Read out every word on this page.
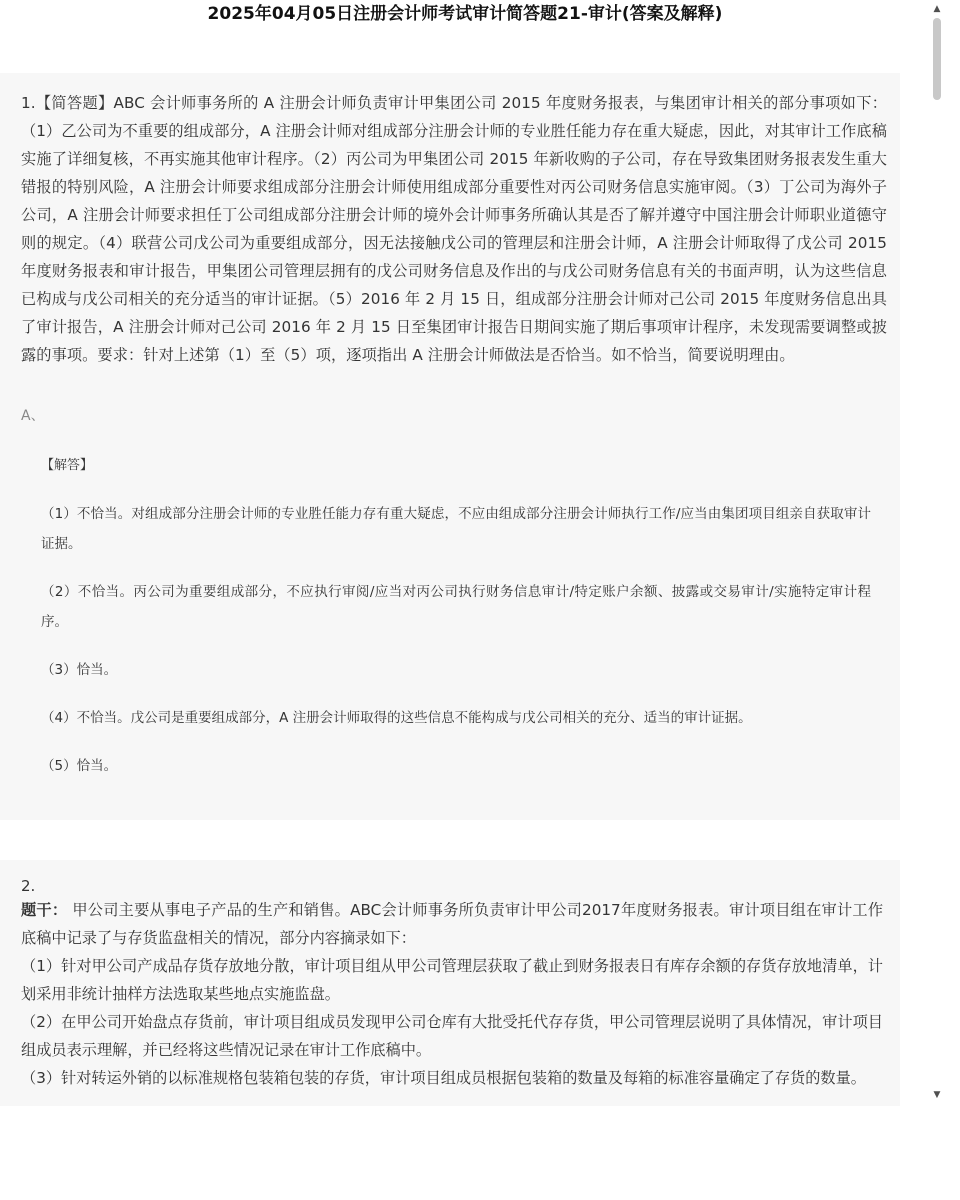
2025年04月05日注册会计师考试审计简答题21-审计(答案及解释)
1.【简答题】ABC 会计师事务所的 A 注册会计师负责审计甲集团公司 2015 年度财务报表，与集团审计相关的部分事项如下：（1）乙公司为不重要的组成部分，A 注册会计师对组成部分注册会计师的专业胜任能力存在重大疑虑，因此，对其审计工作底稿实施了详细复核，不再实施其他审计程序。（2）丙公司为甲集团公司 2015 年新收购的子公司，存在导致集团财务报表发生重大错报的特别风险，A 注册会计师要求组成部分注册会计师使用组成部分重要性对丙公司财务信息实施审阅。（3）丁公司为海外子公司，A 注册会计师要求担任丁公司组成部分注册会计师的境外会计师事务所确认其是否了解并遵守中国注册会计师职业道德守则的规定。（4）联营公司戊公司为重要组成部分，因无法接触戊公司的管理层和注册会计师，A 注册会计师取得了戊公司 2015 年度财务报表和审计报告，甲集团公司管理层拥有的戊公司财务信息及作出的与戊公司财务信息有关的书面声明，认为这些信息已构成与戊公司相关的充分适当的审计证据。（5）2016 年 2 月 15 日，组成部分注册会计师对己公司 2015 年度财务信息出具了审计报告，A 注册会计师对己公司 2016 年 2 月 15 日至集团审计报告日期间实施了期后事项审计程序，未发现需要调整或披露的事项。要求：针对上述第（1）至（5）项，逐项指出 A 注册会计师做法是否恰当。如不恰当，简要说明理由。
A、
【解答】
（1）不恰当。对组成部分注册会计师的专业胜任能力存有重大疑虑，不应由组成部分注册会计师执行工作/应当由集团项目组亲自获取审计证据。
（2）不恰当。丙公司为重要组成部分，不应执行审阅/应当对丙公司执行财务信息审计/特定账户余额、披露或交易审计/实施特定审计程序。
（3）恰当。
（4）不恰当。戊公司是重要组成部分，A 注册会计师取得的这些信息不能构成与戊公司相关的充分、适当的审计证据。
（5）恰当。
2.

题干： 甲公司主要从事电子产品的生产和销售。ABC会计师事务所负责审计甲公司2017年度财务报表。审计项目组在审计工作底稿中记录了与存货监盘相关的情况，部分内容摘录如下：

（1）针对甲公司产成品存货存放地分散，审计项目组从甲公司管理层获取了截止到财务报表日有库存余额的存货存放地清单，计划采用非统计抽样方法选取某些地点实施监盘。

（2）在甲公司开始盘点存货前，审计项目组成员发现甲公司仓库有大批受托代存存货，甲公司管理层说明了具体情况，审计项目组成员表示理解，并已经将这些情况记录在审计工作底稿中。

（3）针对转运外销的以标准规格包装箱包装的存货，审计项目组成员根据包装箱的数量及每箱的标准容量确定了存货的数量。

▲
▼
